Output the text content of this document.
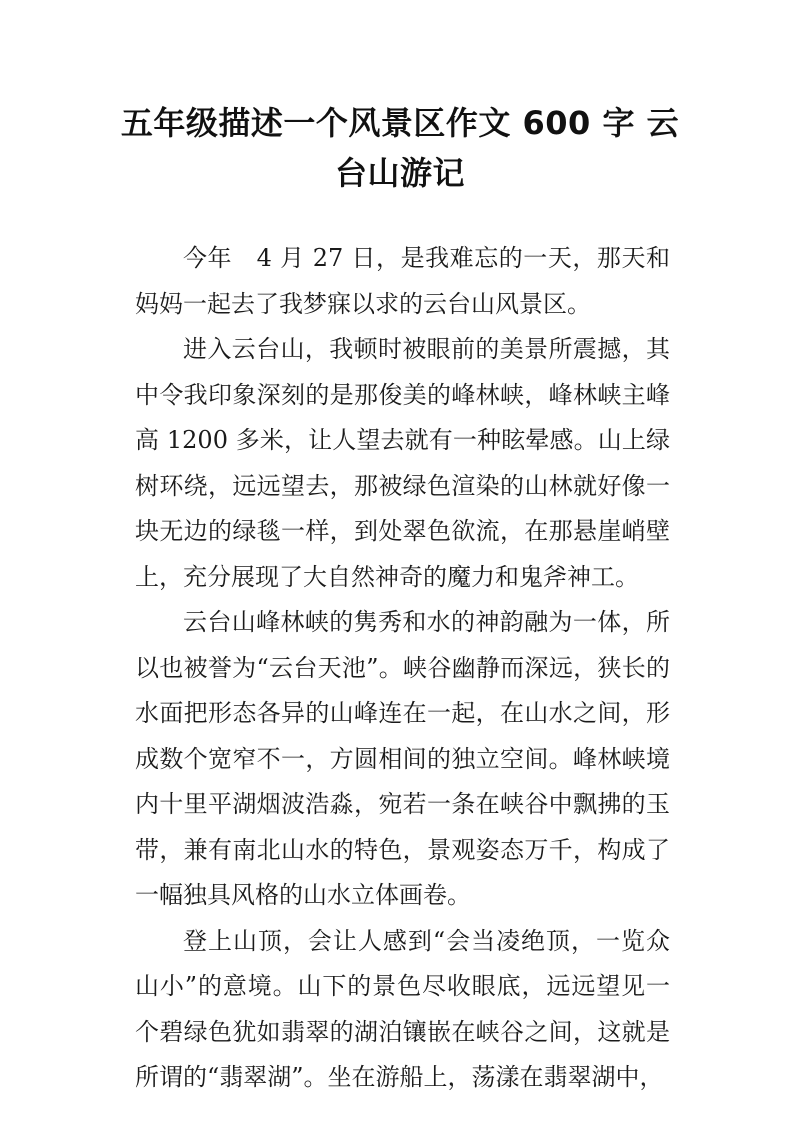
五年级描述一个风景区作文 600 字 云台山游记

今年　4 月 27 日，是我难忘的一天，那天和妈妈一起去了我梦寐以求的云台山风景区。

进入云台山，我顿时被眼前的美景所震撼，其中令我印象深刻的是那俊美的峰林峡，峰林峡主峰高 1200 多米，让人望去就有一种眩晕感。山上绿树环绕，远远望去，那被绿色渲染的山林就好像一块无边的绿毯一样，到处翠色欲流，在那悬崖峭壁上，充分展现了大自然神奇的魔力和鬼斧神工。

云台山峰林峡的隽秀和水的神韵融为一体，所以也被誉为“云台天池”。峡谷幽静而深远，狭长的水面把形态各异的山峰连在一起，在山水之间，形成数个宽窄不一，方圆相间的独立空间。峰林峡境内十里平湖烟波浩淼，宛若一条在峡谷中飘拂的玉带，兼有南北山水的特色，景观姿态万千，构成了一幅独具风格的山水立体画卷。

登上山顶，会让人感到“会当凌绝顶，一览众山小”的意境。山下的景色尽收眼底，远远望见一个碧绿色犹如翡翠的湖泊镶嵌在峡谷之间，这就是所谓的“翡翠湖”。坐在游船上，荡漾在翡翠湖中，
